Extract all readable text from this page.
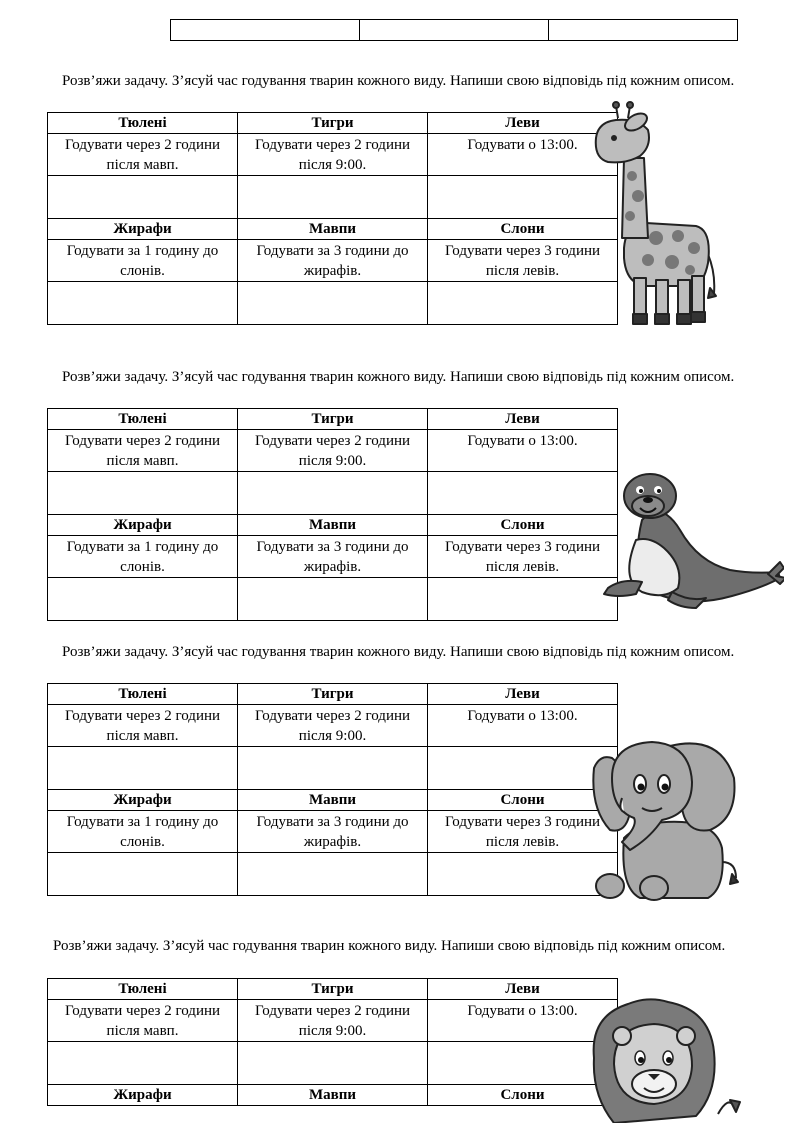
Розв’яжи задачу. З’ясуй час годування тварин кожного виду. Напиши свою відповідь під кожним описом.

Тюлені	Тигри	Леви
Годувати через 2 години після мавп.	Годувати через 2 години після 9:00.	Годувати о 13:00.

Жирафи	Мавпи	Слони
Годувати за 1 годину до слонів.	Годувати за 3 години до жирафів.	Годувати через 3 години після левів.

Розв’яжи задачу. З’ясуй час годування тварин кожного виду. Напиши свою відповідь під кожним описом.

Тюлені	Тигри	Леви
Годувати через 2 години після мавп.	Годувати через 2 години після 9:00.	Годувати о 13:00.

Жирафи	Мавпи	Слони
Годувати за 1 годину до слонів.	Годувати за 3 години до жирафів.	Годувати через 3 години після левів.

Розв’яжи задачу. З’ясуй час годування тварин кожного виду. Напиши свою відповідь під кожним описом.

Тюлені	Тигри	Леви
Годувати через 2 години після мавп.	Годувати через 2 години після 9:00.	Годувати о 13:00.

Жирафи	Мавпи	Слони
Годувати за 1 годину до слонів.	Годувати за 3 години до жирафів.	Годувати через 3 години після левів.

Розв’яжи задачу. З’ясуй час годування тварин кожного виду. Напиши свою відповідь під кожним описом.

Тюлені	Тигри	Леви
Годувати через 2 години після мавп.	Годувати через 2 години після 9:00.	Годувати о 13:00.

Жирафи	Мавпи	Слони
